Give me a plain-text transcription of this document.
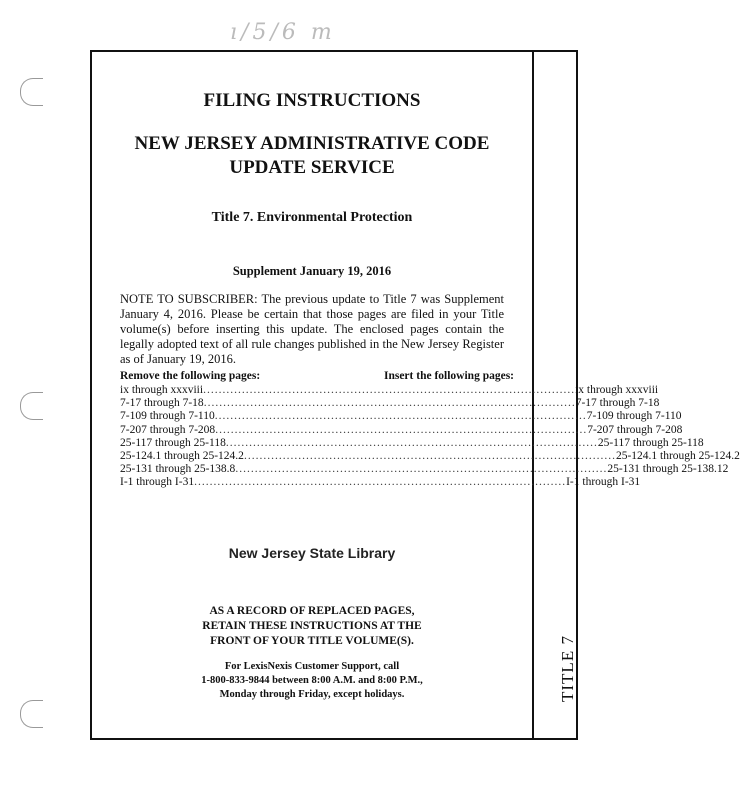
ı/5/6 m
TITLE 7
FILING INSTRUCTIONS
NEW JERSEY ADMINISTRATIVE CODE
UPDATE SERVICE
Title 7. Environmental Protection
Supplement January 19, 2016
NOTE TO SUBSCRIBER: The previous update to Title 7 was Supplement January 4, 2016. Please be certain that those pages are filed in your Title volume(s) before inserting this update. The enclosed pages contain the legally adopted text of all rule changes published in the New Jersey Register as of January 19, 2016.
Remove the following pages:	Insert the following pages:
ix through xxxviii ................................................................................................ ix through xxxviii
7-17 through 7-18 ................................................................................................ 7-17 through 7-18
7-109 through 7-110 ................................................................................................ 7-109 through 7-110
7-207 through 7-208 ................................................................................................ 7-207 through 7-208
25-117 through 25-118 ................................................................................................ 25-117 through 25-118
25-124.1 through 25-124.2 ................................................................................................ 25-124.1 through 25-124.2
25-131 through 25-138.8 ................................................................................................ 25-131 through 25-138.12
I-1 through I-31 ................................................................................................ I-1 through I-31
New Jersey State Library
AS A RECORD OF REPLACED PAGES,
RETAIN THESE INSTRUCTIONS AT THE
FRONT OF YOUR TITLE VOLUME(S).
For LexisNexis Customer Support, call
1-800-833-9844 between 8:00 A.M. and 8:00 P.M.,
Monday through Friday, except holidays.
